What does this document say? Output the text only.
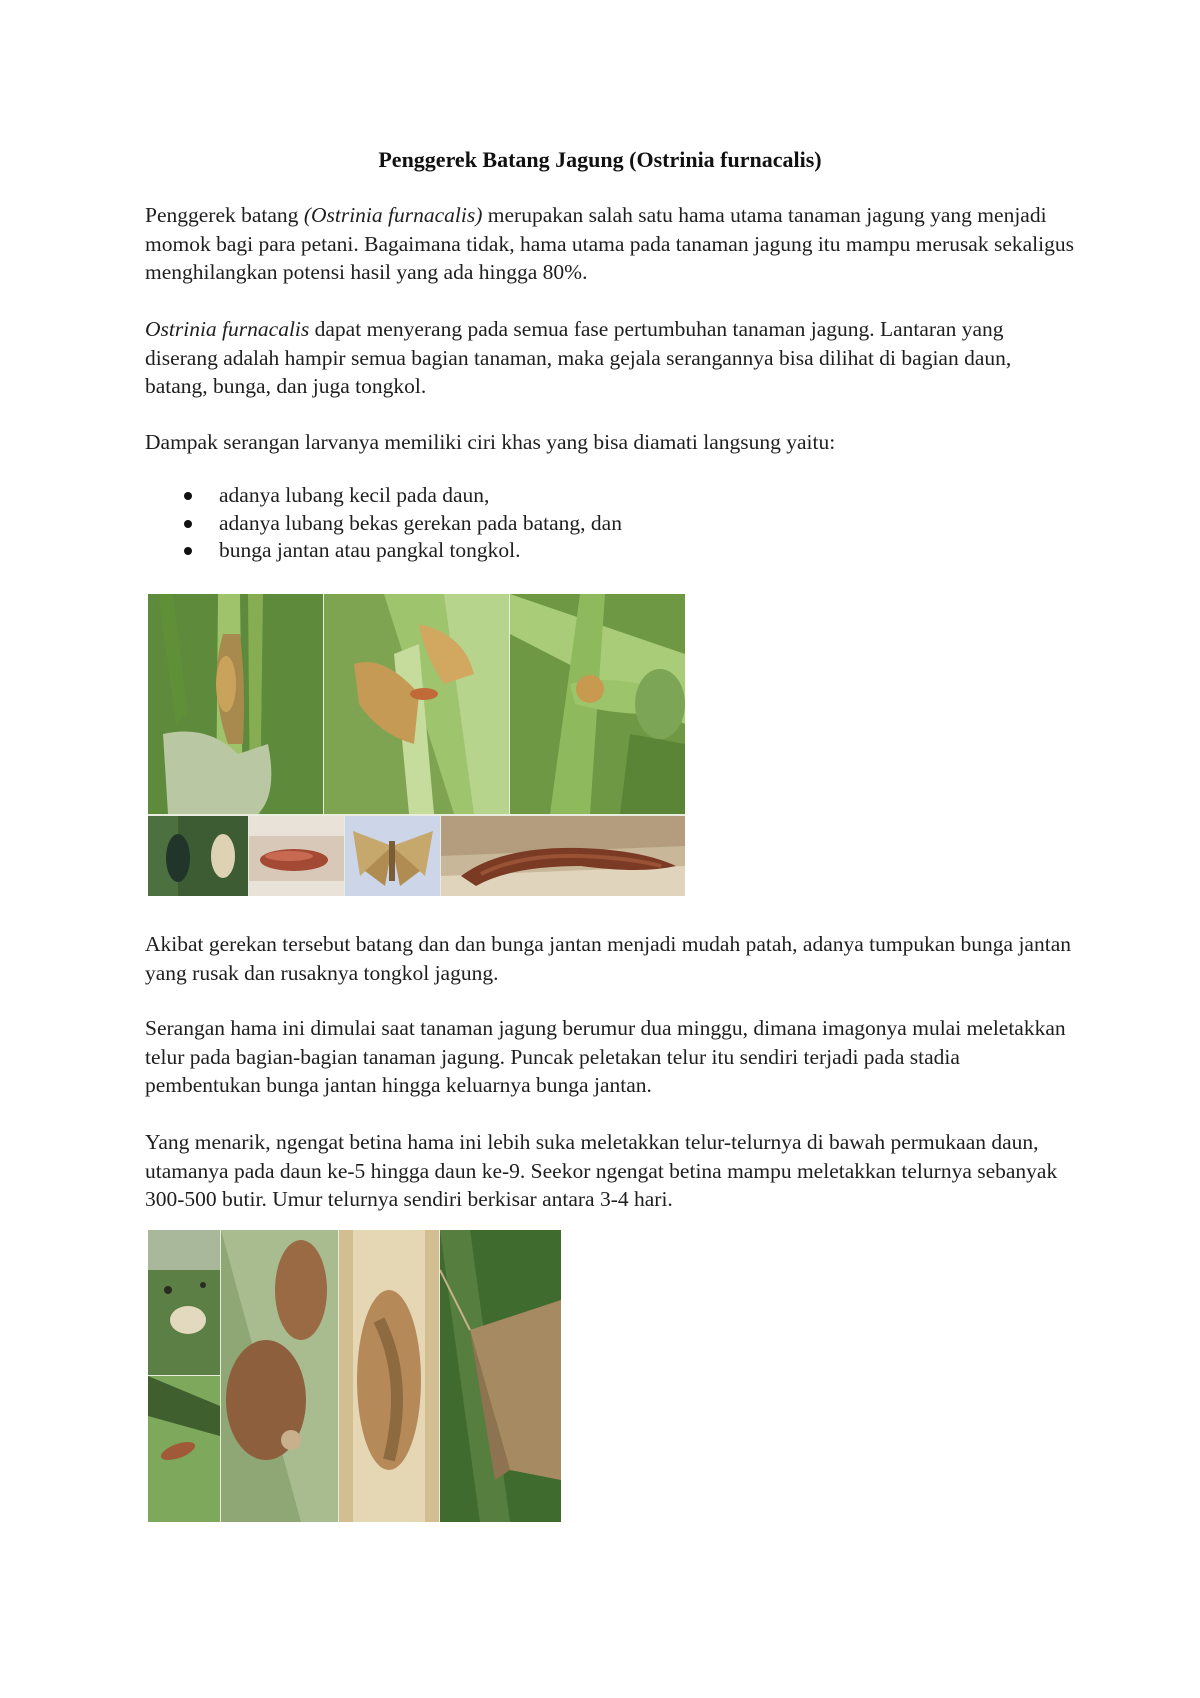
Penggerek Batang Jagung (Ostrinia furnacalis)

Penggerek batang (Ostrinia furnacalis) merupakan salah satu hama utama tanaman jagung yang menjadi momok bagi para petani. Bagaimana tidak, hama utama pada tanaman jagung itu mampu merusak sekaligus menghilangkan potensi hasil yang ada hingga 80%.

Ostrinia furnacalis dapat menyerang pada semua fase pertumbuhan tanaman jagung. Lantaran yang diserang adalah hampir semua bagian tanaman, maka gejala serangannya bisa dilihat di bagian daun, batang, bunga, dan juga tongkol.

Dampak serangan larvanya memiliki ciri khas yang bisa diamati langsung yaitu:

adanya lubang kecil pada daun,
adanya lubang bekas gerekan pada batang, dan
bunga jantan atau pangkal tongkol.

Akibat gerekan tersebut batang dan dan bunga jantan menjadi mudah patah, adanya tumpukan bunga jantan yang rusak dan rusaknya tongkol jagung.

Serangan hama ini dimulai saat tanaman jagung berumur dua minggu, dimana imagonya mulai meletakkan telur pada bagian-bagian tanaman jagung. Puncak peletakan telur itu sendiri terjadi pada stadia pembentukan bunga jantan hingga keluarnya bunga jantan.

Yang menarik, ngengat betina hama ini lebih suka meletakkan telur-telurnya di bawah permukaan daun, utamanya pada daun ke-5 hingga daun ke-9. Seekor ngengat betina mampu meletakkan telurnya sebanyak 300-500 butir. Umur telurnya sendiri berkisar antara 3-4 hari.
